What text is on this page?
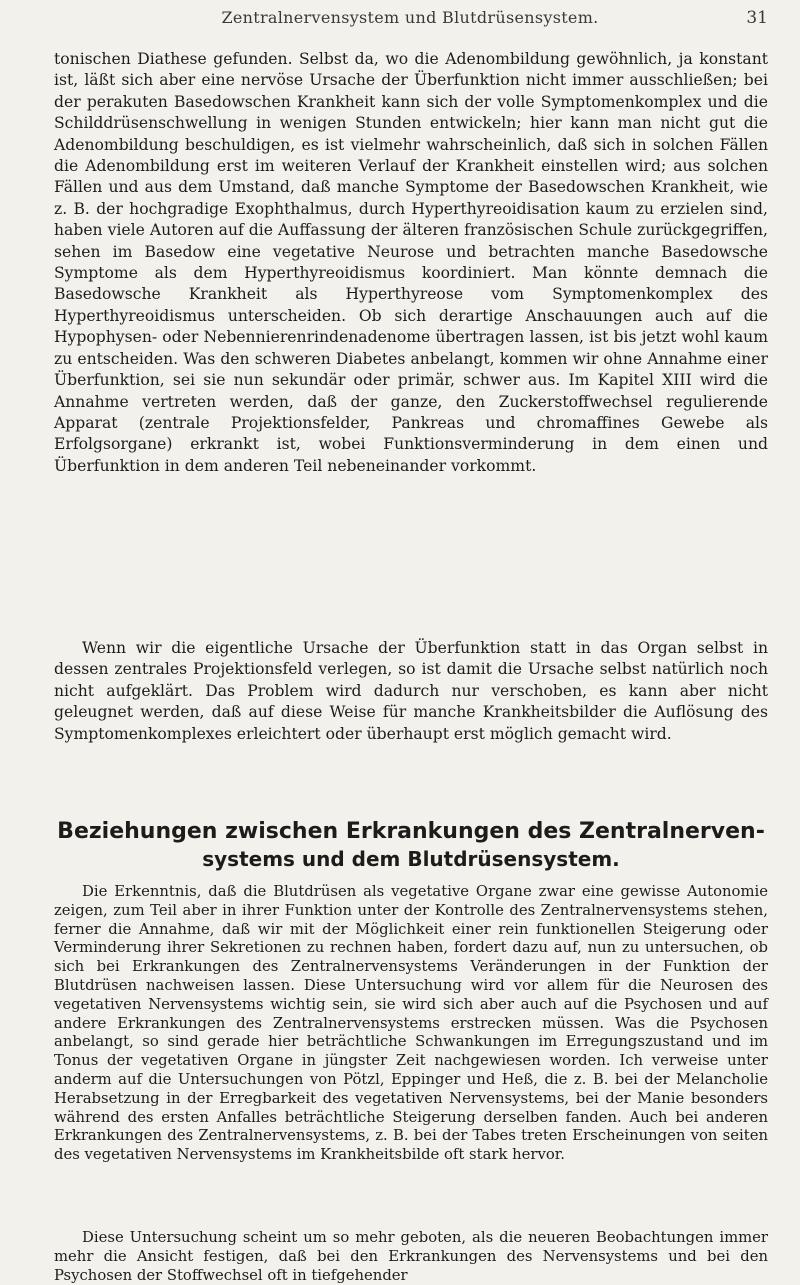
Zentralnervensystem und Blutdrüsensystem.	31

tonischen Diathese gefunden. Selbst da, wo die Adenombildung gewöhnlich, ja konstant ist, läßt sich aber eine nervöse Ursache der Überfunktion nicht immer ausschließen; bei der perakuten Basedowschen Krankheit kann sich der volle Symptomenkomplex und die Schilddrüsenschwellung in wenigen Stunden entwickeln; hier kann man nicht gut die Adenombildung beschuldigen, es ist vielmehr wahrscheinlich, daß sich in solchen Fällen die Adenombildung erst im weiteren Verlauf der Krankheit einstellen wird; aus solchen Fällen und aus dem Umstand, daß manche Symptome der Basedowschen Krankheit, wie z. B. der hochgradige Exophthalmus, durch Hyperthyreoidisation kaum zu erzielen sind, haben viele Autoren auf die Auffassung der älteren französischen Schule zurückgegriffen, sehen im Basedow eine vegetative Neurose und betrachten manche Basedowsche Symptome als dem Hyperthyreoidismus koordiniert. Man könnte demnach die Basedowsche Krankheit als Hyperthyreose vom Symptomenkomplex des Hyperthyreoidismus unterscheiden. Ob sich derartige Anschauungen auch auf die Hypophysen- oder Nebennierenrindenadenome übertragen lassen, ist bis jetzt wohl kaum zu entscheiden. Was den schweren Diabetes anbelangt, kommen wir ohne Annahme einer Überfunktion, sei sie nun sekundär oder primär, schwer aus. Im Kapitel XIII wird die Annahme vertreten werden, daß der ganze, den Zuckerstoffwechsel regulierende Apparat (zentrale Projektionsfelder, Pankreas und chromaffines Gewebe als Erfolgsorgane) erkrankt ist, wobei Funktionsverminderung in dem einen und Überfunktion in dem anderen Teil nebeneinander vorkommt.

Wenn wir die eigentliche Ursache der Überfunktion statt in das Organ selbst in dessen zentrales Projektionsfeld verlegen, so ist damit die Ursache selbst natürlich noch nicht aufgeklärt. Das Problem wird dadurch nur verschoben, es kann aber nicht geleugnet werden, daß auf diese Weise für manche Krankheitsbilder die Auflösung des Symptomenkomplexes erleichtert oder überhaupt erst möglich gemacht wird.

Beziehungen zwischen Erkrankungen des Zentralnerven-
systems und dem Blutdrüsensystem.

Die Erkenntnis, daß die Blutdrüsen als vegetative Organe zwar eine gewisse Autonomie zeigen, zum Teil aber in ihrer Funktion unter der Kontrolle des Zentralnervensystems stehen, ferner die Annahme, daß wir mit der Möglichkeit einer rein funktionellen Steigerung oder Verminderung ihrer Sekretionen zu rechnen haben, fordert dazu auf, nun zu untersuchen, ob sich bei Erkrankungen des Zentralnervensystems Veränderungen in der Funktion der Blutdrüsen nachweisen lassen. Diese Untersuchung wird vor allem für die Neurosen des vegetativen Nervensystems wichtig sein, sie wird sich aber auch auf die Psychosen und auf andere Erkrankungen des Zentralnervensystems erstrecken müssen. Was die Psychosen anbelangt, so sind gerade hier beträchtliche Schwankungen im Erregungszustand und im Tonus der vegetativen Organe in jüngster Zeit nachgewiesen worden. Ich verweise unter anderm auf die Untersuchungen von Pötzl, Eppinger und Heß, die z. B. bei der Melancholie Herabsetzung in der Erregbarkeit des vegetativen Nervensystems, bei der Manie besonders während des ersten Anfalles beträchtliche Steigerung derselben fanden. Auch bei anderen Erkrankungen des Zentralnervensystems, z. B. bei der Tabes treten Erscheinungen von seiten des vegetativen Nervensystems im Krankheitsbilde oft stark hervor.

Diese Untersuchung scheint um so mehr geboten, als die neueren Beobachtungen immer mehr die Ansicht festigen, daß bei den Erkrankungen des Nervensystems und bei den Psychosen der Stoffwechsel oft in tiefgehender
